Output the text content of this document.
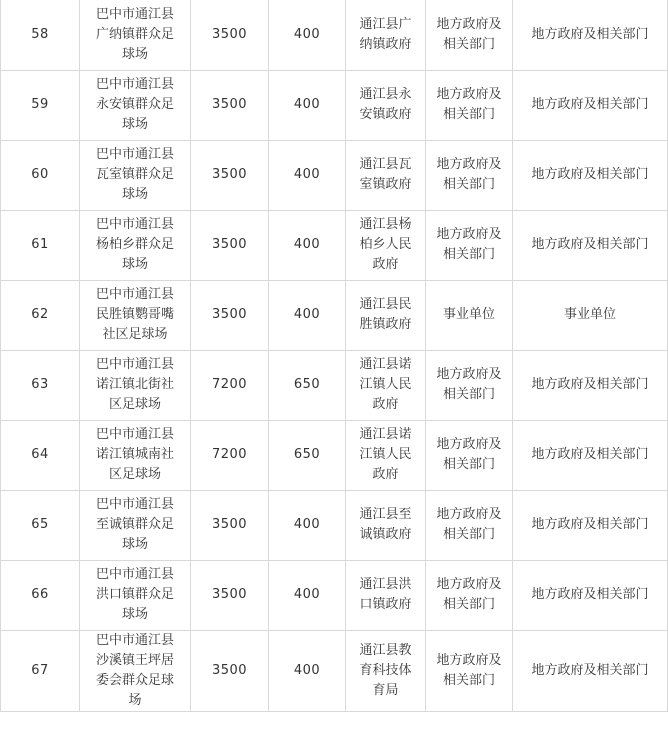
58	巴中市通江县广纳镇群众足球场	3500	400	通江县广纳镇政府	地方政府及相关部门	地方政府及相关部门
59	巴中市通江县永安镇群众足球场	3500	400	通江县永安镇政府	地方政府及相关部门	地方政府及相关部门
60	巴中市通江县瓦室镇群众足球场	3500	400	通江县瓦室镇政府	地方政府及相关部门	地方政府及相关部门
61	巴中市通江县杨柏乡群众足球场	3500	400	通江县杨柏乡人民政府	地方政府及相关部门	地方政府及相关部门
62	巴中市通江县民胜镇鹦哥嘴社区足球场	3500	400	通江县民胜镇政府	事业单位	事业单位
63	巴中市通江县诺江镇北街社区足球场	7200	650	通江县诺江镇人民政府	地方政府及相关部门	地方政府及相关部门
64	巴中市通江县诺江镇城南社区足球场	7200	650	通江县诺江镇人民政府	地方政府及相关部门	地方政府及相关部门
65	巴中市通江县至诚镇群众足球场	3500	400	通江县至诚镇政府	地方政府及相关部门	地方政府及相关部门
66	巴中市通江县洪口镇群众足球场	3500	400	通江县洪口镇政府	地方政府及相关部门	地方政府及相关部门
67	巴中市通江县沙溪镇王坪居委会群众足球场	3500	400	通江县教育科技体育局	地方政府及相关部门	地方政府及相关部门
